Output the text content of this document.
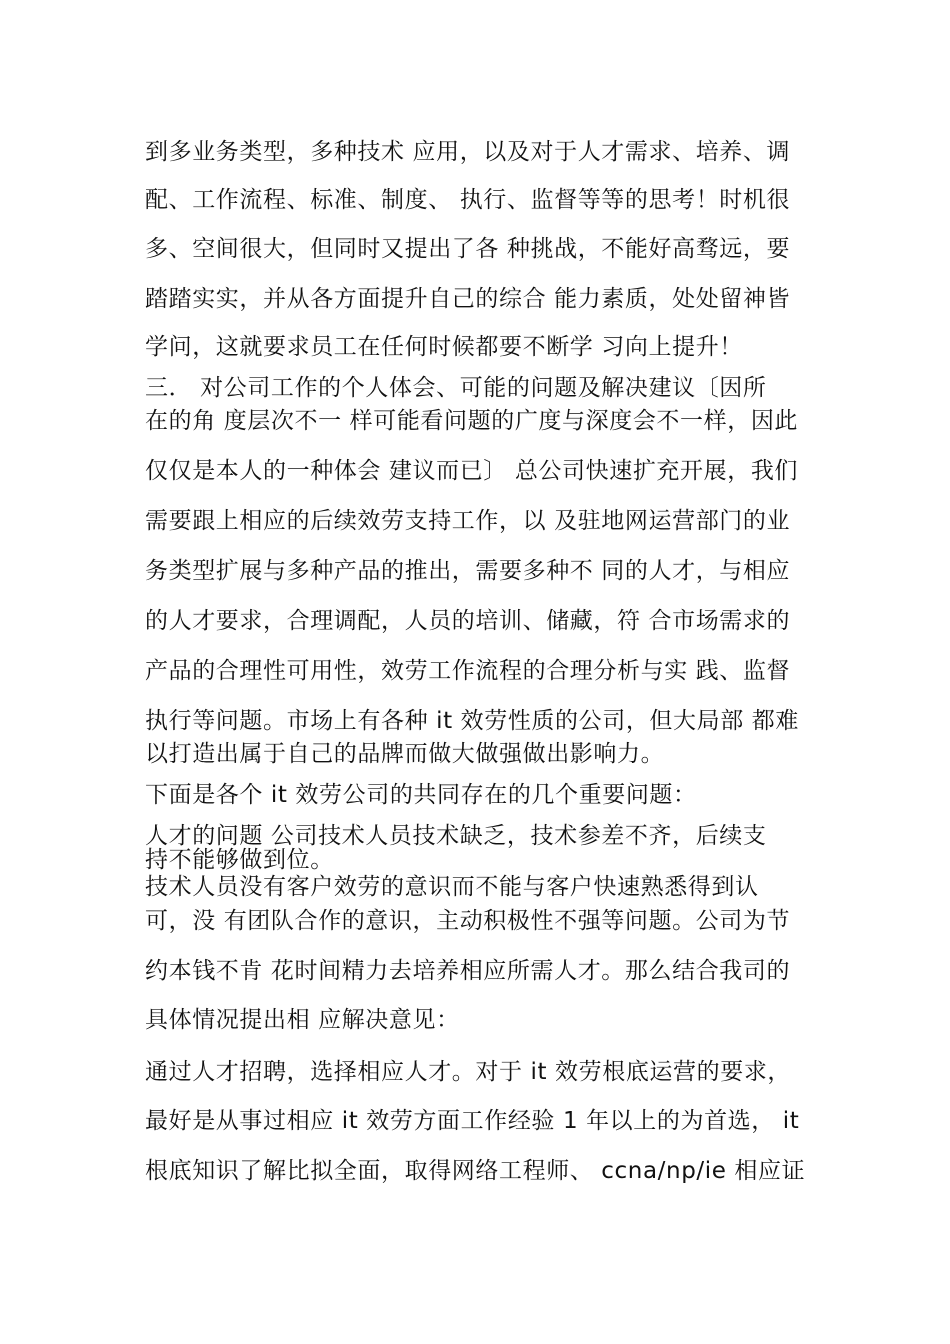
到多业务类型，多种技术 应用，以及对于人才需求、培养、调
配、工作流程、标准、制度、 执行、监督等等的思考！时机很
多、空间很大，但同时又提出了各 种挑战，不能好高骛远，要
踏踏实实，并从各方面提升自己的综合 能力素质，处处留神皆
学问，这就要求员工在任何时候都要不断学 习向上提升！
三． 对公司工作的个人体会、可能的问题及解决建议〔因所
在的角 度层次不一 样可能看问题的广度与深度会不一样，因此
仅仅是本人的一种体会 建议而已〕 总公司快速扩充开展，我们
需要跟上相应的后续效劳支持工作，以 及驻地网运营部门的业
务类型扩展与多种产品的推出，需要多种不 同的人才，与相应
的人才要求，合理调配，人员的培训、储藏，符 合市场需求的
产品的合理性可用性，效劳工作流程的合理分析与实 践、监督
执行等问题。市场上有各种 it 效劳性质的公司，但大局部 都难
以打造出属于自己的品牌而做大做强做出影响力。
下面是各个 it 效劳公司的共同存在的几个重要问题：
人才的问题 公司技术人员技术缺乏，技术参差不齐，后续支
持不能够做到位。
技术人员没有客户效劳的意识而不能与客户快速熟悉得到认
可，没 有团队合作的意识，主动积极性不强等问题。公司为节
约本钱不肯 花时间精力去培养相应所需人才。那么结合我司的
具体情况提出相 应解决意见：
通过人才招聘，选择相应人才。对于 it 效劳根底运营的要求，
最好是从事过相应 it 效劳方面工作经验 1 年以上的为首选， it
根底知识了解比拟全面，取得网络工程师、 ccna/np/ie 相应证
